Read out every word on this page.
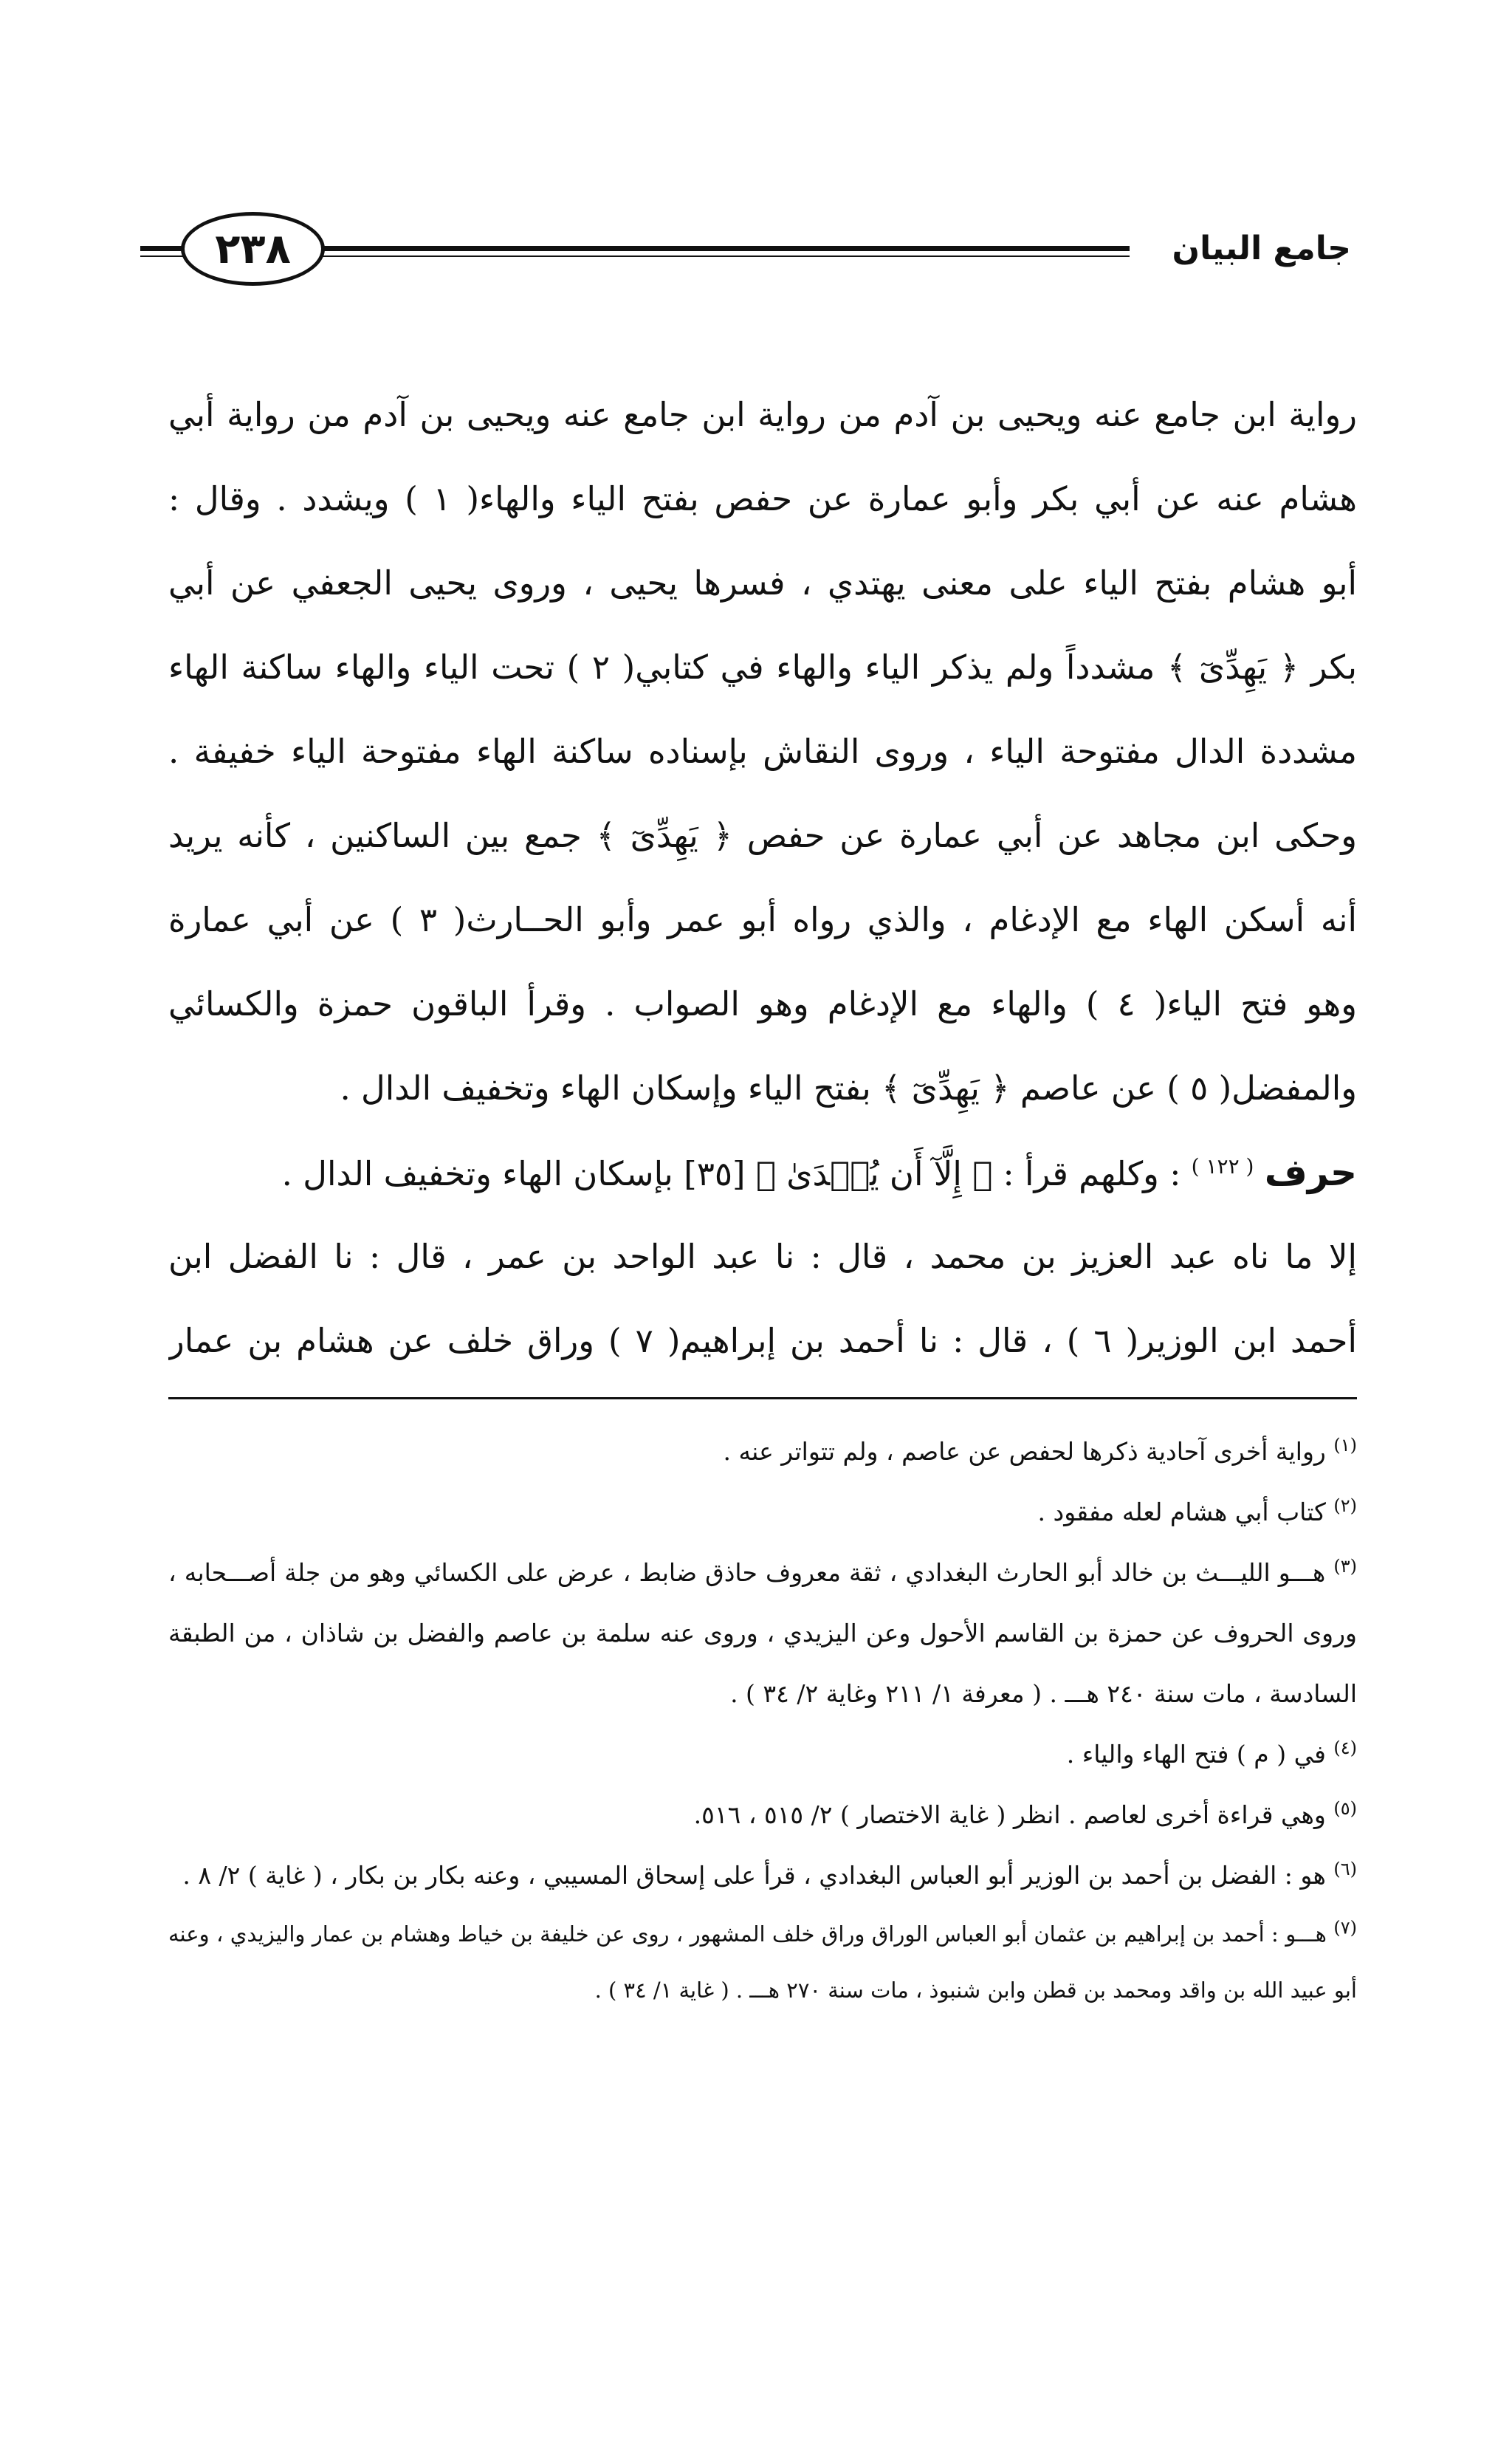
٢٣٨	جامع البيان
رواية ابن جامع عنه ويحيى بن آدم من رواية ابن جامع عنه ويحيى بن آدم من رواية أبي
هشام عنه عن أبي بكر وأبو عمارة عن حفص بفتح الياء والهاء( ١ ) ويشدد . وقال :
أبو هشام بفتح الياء على معنى يهتدي ، فسرها يحيى ، وروى يحيى الجعفي عن أبي
بكر ﴿ يَهِدِّىٓ ﴾ مشدداً ولم يذكر الياء والهاء في كتابي( ٢ ) تحت الياء والهاء ساكنة الهاء
مشددة الدال مفتوحة الياء ، وروى النقاش بإسناده ساكنة الهاء مفتوحة الياء خفيفة .
وحكى ابن مجاهد عن أبي عمارة عن حفص ﴿ يَهِدِّىٓ ﴾ جمع بين الساكنين ، كأنه يريد
أنه أسكن الهاء مع الإدغام ، والذي رواه أبو عمر وأبو الحــارث( ٣ ) عن أبي عمارة
وهو فتح الياء( ٤ ) والهاء مع الإدغام وهو الصواب . وقرأ الباقون حمزة والكسائي
والمفضل( ٥ ) عن عاصم ﴿ يَهِدِّىٓ ﴾ بفتح الياء وإسكان الهاء وتخفيف الدال .
حرف $^{( ١٢٢ )}$ : وكلهم قرأ : ﴿ إِلَّآ أَن يُهۡدَىٰ ﴾ [٣٥] بإسكان الهاء وتخفيف الدال .
إلا ما ناه عبد العزيز بن محمد ، قال : نا عبد الواحد بن عمر ، قال : نا الفضل ابن
أحمد ابن الوزير( ٦ ) ، قال : نا أحمد بن إبراهيم( ٧ ) وراق خلف عن هشام بن عمار

$^{(١)}$ رواية أخرى آحادية ذكرها لحفص عن عاصم ، ولم تتواتر عنه .

$^{(٢)}$ كتاب أبي هشام لعله مفقود .

$^{(٣)}$ هـــو الليـــث بن خالد أبو الحارث البغدادي ، ثقة معروف حاذق ضابط ، عرض على الكسائي وهو من جلة أصـــحابه ، وروى الحروف عن حمزة بن القاسم الأحول وعن اليزيدي ، وروى عنه سلمة بن عاصم والفضل بن شاذان ، من الطبقة السادسة ، مات سنة ٢٤٠ هـــ . ( معرفة ١/ ٢١١ وغاية ٢/ ٣٤ ) .

$^{(٤)}$ في ( م ) فتح الهاء والياء .

$^{(٥)}$ وهي قراءة أخرى لعاصم . انظر ( غاية الاختصار ) ٢/ ٥١٥ ، ٥١٦.

$^{(٦)}$ هو : الفضل بن أحمد بن الوزير أبو العباس البغدادي ، قرأ على إسحاق المسيبي ، وعنه بكار بن بكار ، ( غاية ) ٢/ ٨ .

$^{(٧)}$ هـــو : أحمد بن إبراهيم بن عثمان أبو العباس الوراق وراق خلف المشهور ، روى عن خليفة بن خياط وهشام بن عمار واليزيدي ، وعنه أبو عبيد الله بن واقد ومحمد بن قطن وابن شنبوذ ، مات سنة ٢٧٠ هـــ . ( غاية ١/ ٣٤ ) .
